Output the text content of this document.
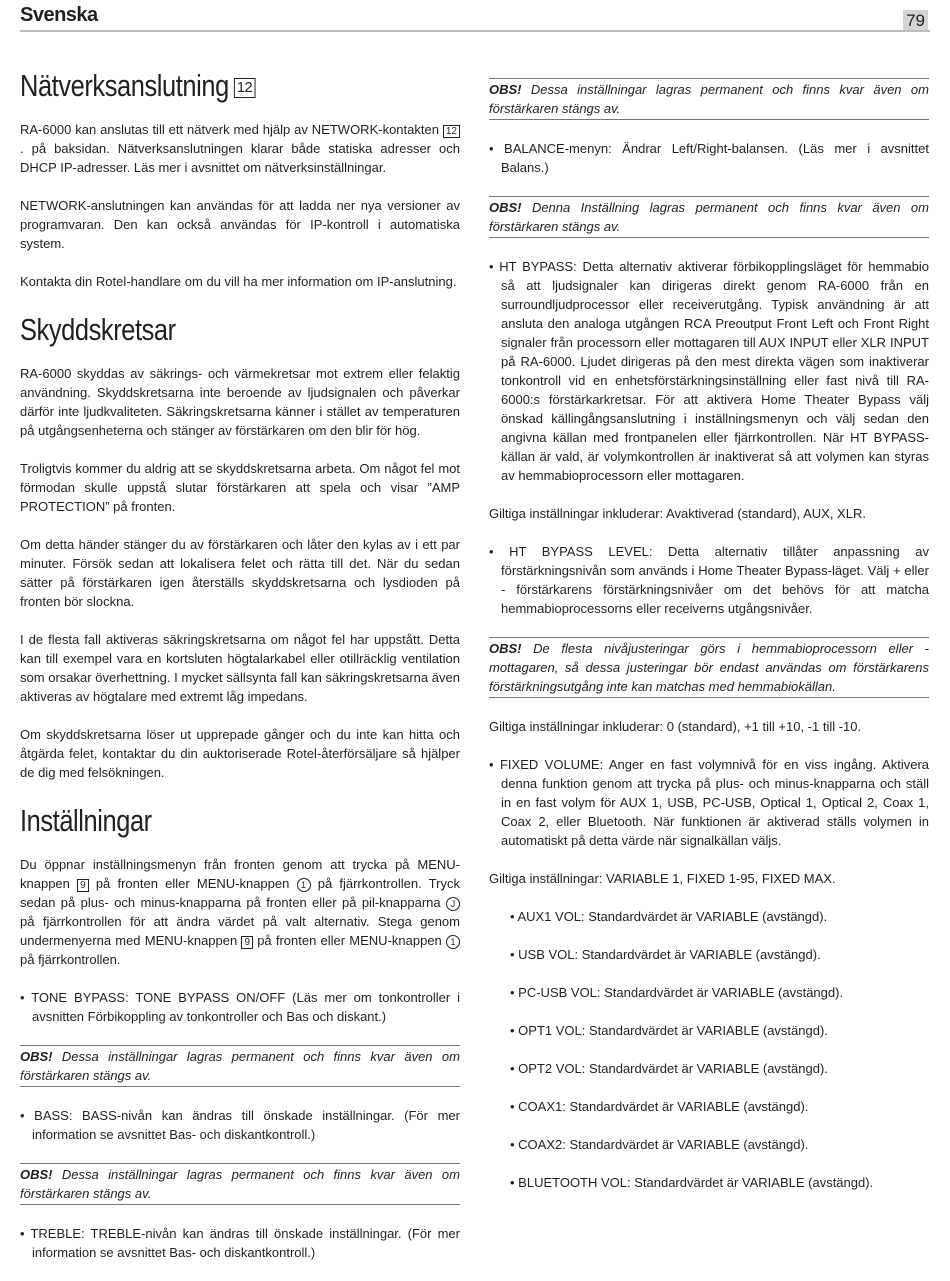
Svenska	79
Nätverksanslutning 12

RA-6000 kan anslutas till ett nätverk med hjälp av NETWORK-kontakten 12. på baksidan. Nätverksanslutningen klarar både statiska adresser och DHCP IP-adresser. Läs mer i avsnittet om nätverksinställningar.

NETWORK-anslutningen kan användas för att ladda ner nya versioner av programvaran. Den kan också användas för IP-kontroll i automatiska system.

Kontakta din Rotel-handlare om du vill ha mer information om IP-anslutning.

Skyddskretsar

RA-6000 skyddas av säkrings- och värmekretsar mot extrem eller felaktig användning. Skyddskretsarna inte beroende av ljudsignalen och påverkar därför inte ljudkvaliteten. Säkringskretsarna känner i stället av temperaturen på utgångsenheterna och stänger av förstärkaren om den blir för hög.

Troligtvis kommer du aldrig att se skyddskretsarna arbeta. Om något fel mot förmodan skulle uppstå slutar förstärkaren att spela och visar ”AMP PROTECTION” på fronten.

Om detta händer stänger du av förstärkaren och låter den kylas av i ett par minuter. Försök sedan att lokalisera felet och rätta till det. När du sedan sätter på förstärkaren igen återställs skyddskretsarna och lysdioden på fronten bör slockna.

I de flesta fall aktiveras säkringskretsarna om något fel har uppstått. Detta kan till exempel vara en kortsluten högtalarkabel eller otillräcklig ventilation som orsakar överhettning. I mycket sällsynta fall kan säkringskretsarna även aktiveras av högtalare med extremt låg impedans.

Om skyddskretsarna löser ut upprepade gånger och du inte kan hitta och åtgärda felet, kontaktar du din auktoriserade Rotel-återförsäljare så hjälper de dig med felsökningen.

Inställningar

Du öppnar inställningsmenyn från fronten genom att trycka på MENU-knappen 9 på fronten eller MENU-knappen 1 på fjärrkontrollen. Tryck sedan på plus- och minus-knapparna på fronten eller på pil-knapparna J på fjärrkontrollen för att ändra värdet på valt alternativ. Stega genom undermenyerna med MENU-knappen 9 på fronten eller MENU-knappen 1 på fjärrkontrollen.

• TONE BYPASS: TONE BYPASS ON/OFF (Läs mer om tonkontroller i avsnitten Förbikoppling av tonkontroller och Bas och diskant.)

OBS! Dessa inställningar lagras permanent och finns kvar även om förstärkaren stängs av.

• BASS: BASS-nivån kan ändras till önskade inställningar. (För mer information se avsnittet Bas- och diskantkontroll.)

OBS! Dessa inställningar lagras permanent och finns kvar även om förstärkaren stängs av.

• TREBLE: TREBLE-nivån kan ändras till önskade inställningar. (För mer information se avsnittet Bas- och diskantkontroll.)

OBS! Dessa inställningar lagras permanent och finns kvar även om förstärkaren stängs av.

• BALANCE-menyn: Ändrar Left/Right-balansen. (Läs mer i avsnittet Balans.)

OBS! Denna Inställning lagras permanent och finns kvar även om förstärkaren stängs av.

• HT BYPASS: Detta alternativ aktiverar förbikopplingsläget för hemmabio så att ljudsignaler kan dirigeras direkt genom RA-6000 från en surroundljudprocessor eller receiverutgång. Typisk användning är att ansluta den analoga utgången RCA Preoutput Front Left och Front Right signaler från processorn eller mottagaren till AUX INPUT eller XLR INPUT på RA-6000. Ljudet dirigeras på den mest direkta vägen som inaktiverar tonkontroll vid en enhetsförstärkningsinställning eller fast nivå till RA-6000:s förstärkarkretsar. För att aktivera Home Theater Bypass välj önskad källingångsanslutning i inställningsmenyn och välj sedan den angivna källan med frontpanelen eller fjärrkontrollen. När HT BYPASS-källan är vald, är volymkontrollen är inaktiverat så att volymen kan styras av hemmabioprocessorn eller mottagaren.

Giltiga inställningar inkluderar: Avaktiverad (standard), AUX, XLR.

• HT BYPASS LEVEL: Detta alternativ tillåter anpassning av förstärkningsnivån som används i Home Theater Bypass-läget. Välj + eller - förstärkarens förstärkningsnivåer om det behövs för att matcha hemmabioprocessorns eller receiverns utgångsnivåer.

OBS! De flesta nivåjusteringar görs i hemmabioprocessorn eller -mottagaren, så dessa justeringar bör endast användas om förstärkarens förstärkningsutgång inte kan matchas med hemmabiokällan.

Giltiga inställningar inkluderar: 0 (standard), +1 till +10, -1 till -10.

• FIXED VOLUME: Anger en fast volymnivå för en viss ingång. Aktivera denna funktion genom att trycka på plus- och minus-knapparna och ställ in en fast volym för AUX 1, USB, PC-USB, Optical 1, Optical 2, Coax 1, Coax 2, eller Bluetooth. När funktionen är aktiverad ställs volymen in automatiskt på detta värde när signalkällan väljs.

Giltiga inställningar: VARIABLE 1, FIXED 1-95, FIXED MAX.

• AUX1 VOL: Standardvärdet är VARIABLE (avstängd).

• USB VOL: Standardvärdet är VARIABLE (avstängd).

• PC-USB VOL: Standardvärdet är VARIABLE (avstängd).

• OPT1 VOL: Standardvärdet är VARIABLE (avstängd).

• OPT2 VOL: Standardvärdet är VARIABLE (avstängd).

• COAX1: Standardvärdet är VARIABLE (avstängd).

• COAX2: Standardvärdet är VARIABLE (avstängd).

• BLUETOOTH VOL: Standardvärdet är VARIABLE (avstängd).
